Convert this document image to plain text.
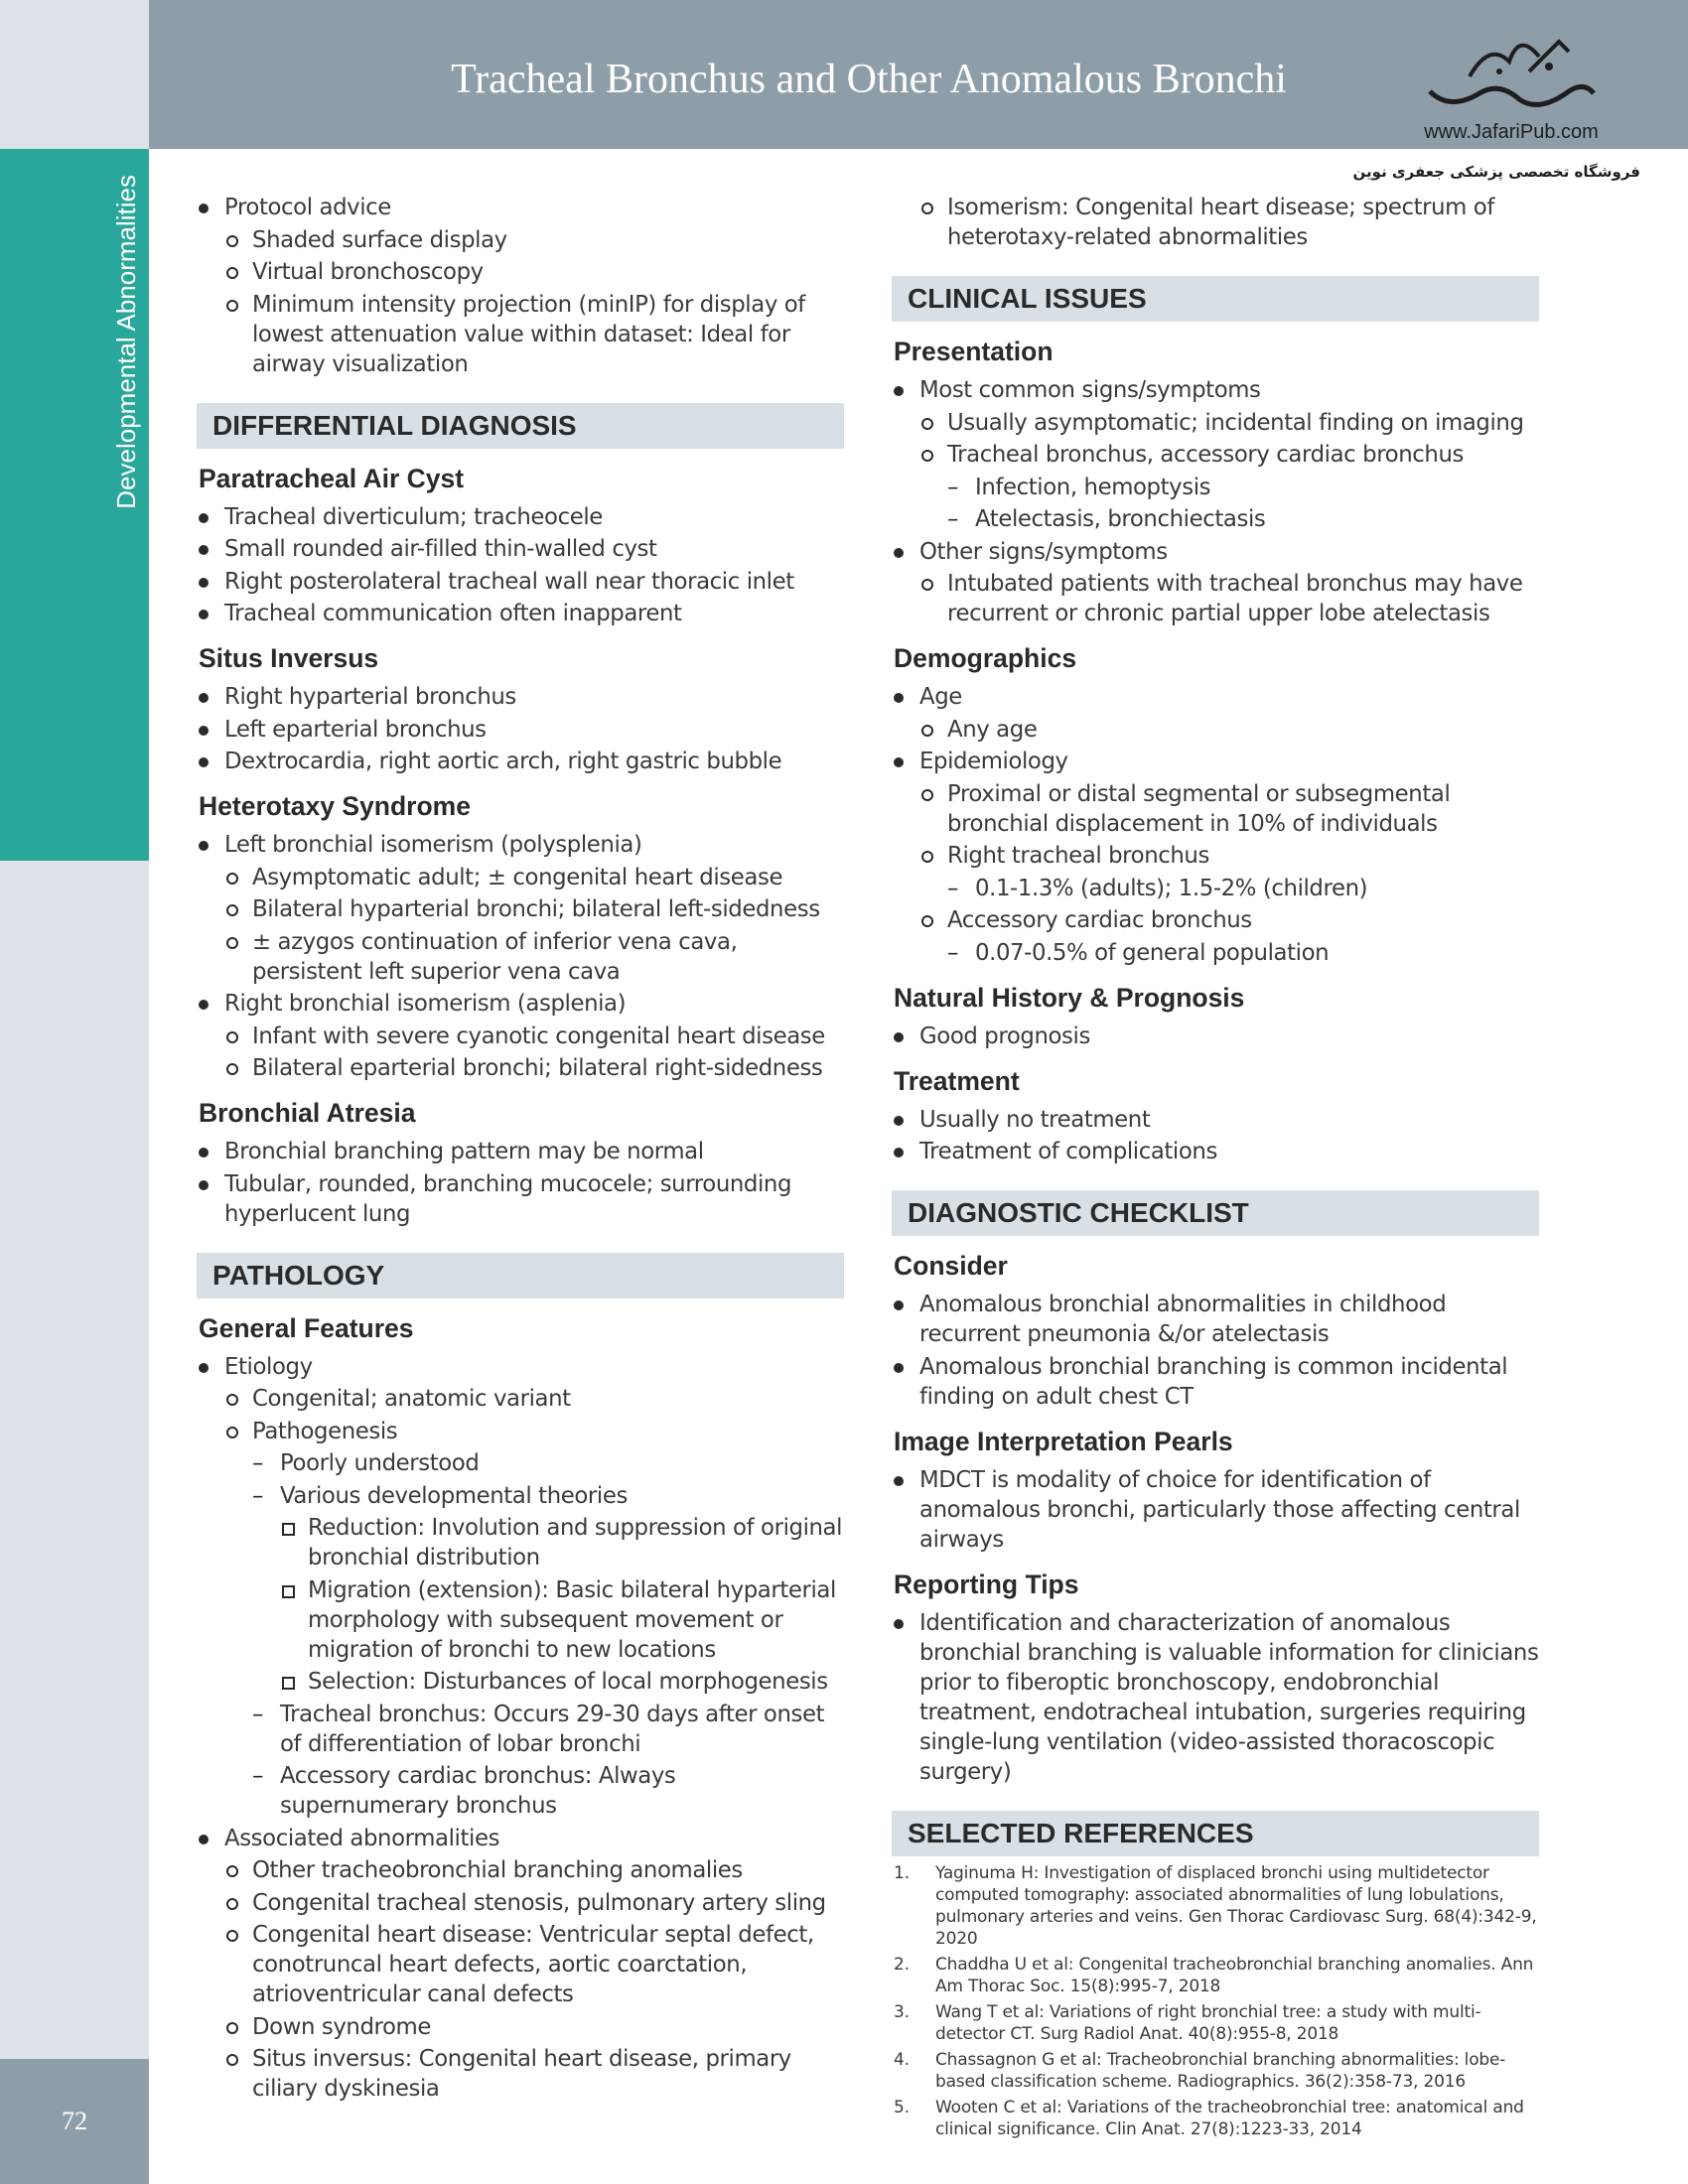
Developmental Abnormalities
72
Tracheal Bronchus and Other Anomalous Bronchi
www.JafariPub.com
فروشگاه تخصصی پزشکی جعفری نوین
Protocol advice
Shaded surface display
Virtual bronchoscopy
Minimum intensity projection (minIP) for display of lowest attenuation value within dataset: Ideal for airway visualization
DIFFERENTIAL DIAGNOSIS
Paratracheal Air Cyst
Tracheal diverticulum; tracheocele
Small rounded air-filled thin-walled cyst
Right posterolateral tracheal wall near thoracic inlet
Tracheal communication often inapparent
Situs Inversus
Right hyparterial bronchus
Left eparterial bronchus
Dextrocardia, right aortic arch, right gastric bubble
Heterotaxy Syndrome
Left bronchial isomerism (polysplenia)
Asymptomatic adult; ± congenital heart disease
Bilateral hyparterial bronchi; bilateral left-sidedness
± azygos continuation of inferior vena cava, persistent left superior vena cava
Right bronchial isomerism (asplenia)
Infant with severe cyanotic congenital heart disease
Bilateral eparterial bronchi; bilateral right-sidedness
Bronchial Atresia
Bronchial branching pattern may be normal
Tubular, rounded, branching mucocele; surrounding hyperlucent lung
PATHOLOGY
General Features
Etiology
Congenital; anatomic variant
Pathogenesis
– Poorly understood
– Various developmental theories
Reduction: Involution and suppression of original bronchial distribution
Migration (extension): Basic bilateral hyparterial morphology with subsequent movement or migration of bronchi to new locations
Selection: Disturbances of local morphogenesis
– Tracheal bronchus: Occurs 29-30 days after onset of differentiation of lobar bronchi
– Accessory cardiac bronchus: Always supernumerary bronchus
Associated abnormalities
Other tracheobronchial branching anomalies
Congenital tracheal stenosis, pulmonary artery sling
Congenital heart disease: Ventricular septal defect, conotruncal heart defects, aortic coarctation, atrioventricular canal defects
Down syndrome
Situs inversus: Congenital heart disease, primary ciliary dyskinesia
Isomerism: Congenital heart disease; spectrum of heterotaxy-related abnormalities
CLINICAL ISSUES
Presentation
Most common signs/symptoms
Usually asymptomatic; incidental finding on imaging
Tracheal bronchus, accessory cardiac bronchus
– Infection, hemoptysis
– Atelectasis, bronchiectasis
Other signs/symptoms
Intubated patients with tracheal bronchus may have recurrent or chronic partial upper lobe atelectasis
Demographics
Age
Any age
Epidemiology
Proximal or distal segmental or subsegmental bronchial displacement in 10% of individuals
Right tracheal bronchus
– 0.1-1.3% (adults); 1.5-2% (children)
Accessory cardiac bronchus
– 0.07-0.5% of general population
Natural History & Prognosis
Good prognosis
Treatment
Usually no treatment
Treatment of complications
DIAGNOSTIC CHECKLIST
Consider
Anomalous bronchial abnormalities in childhood recurrent pneumonia &/or atelectasis
Anomalous bronchial branching is common incidental finding on adult chest CT
Image Interpretation Pearls
MDCT is modality of choice for identification of anomalous bronchi, particularly those affecting central airways
Reporting Tips
Identification and characterization of anomalous bronchial branching is valuable information for clinicians prior to fiberoptic bronchoscopy, endobronchial treatment, endotracheal intubation, surgeries requiring single-lung ventilation (video-assisted thoracoscopic surgery)
SELECTED REFERENCES
1. Yaginuma H: Investigation of displaced bronchi using multidetector computed tomography: associated abnormalities of lung lobulations, pulmonary arteries and veins. Gen Thorac Cardiovasc Surg. 68(4):342-9, 2020
2. Chaddha U et al: Congenital tracheobronchial branching anomalies. Ann Am Thorac Soc. 15(8):995-7, 2018
3. Wang T et al: Variations of right bronchial tree: a study with multi-detector CT. Surg Radiol Anat. 40(8):955-8, 2018
4. Chassagnon G et al: Tracheobronchial branching abnormalities: lobe-based classification scheme. Radiographics. 36(2):358-73, 2016
5. Wooten C et al: Variations of the tracheobronchial tree: anatomical and clinical significance. Clin Anat. 27(8):1223-33, 2014
